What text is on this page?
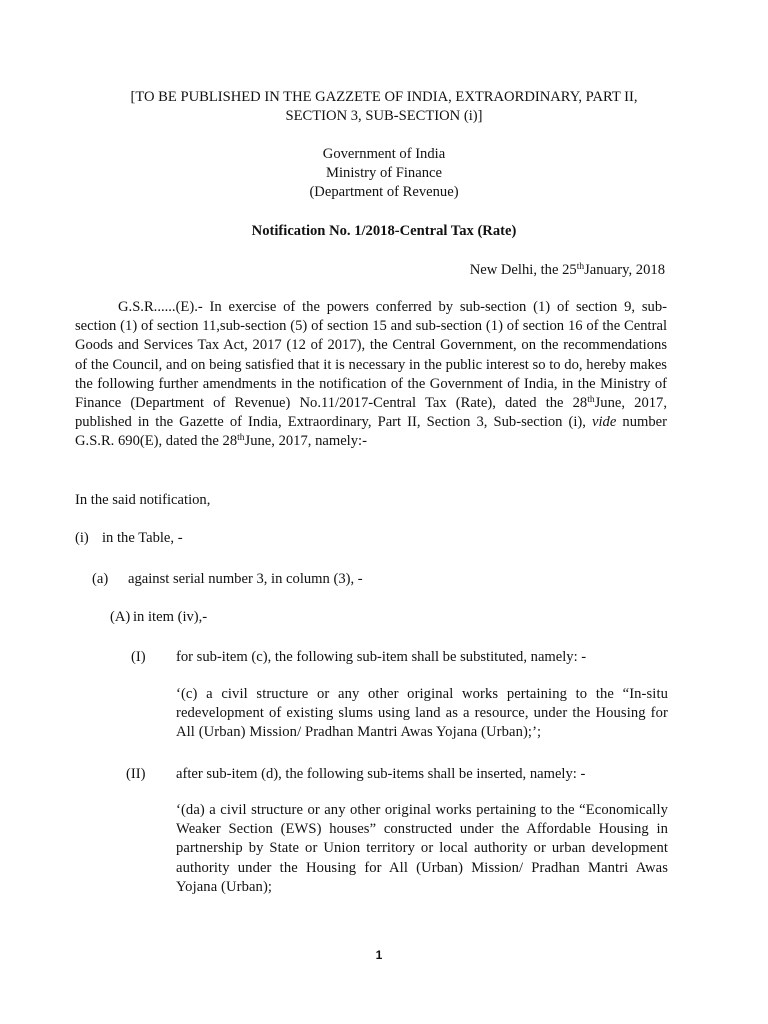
[TO BE PUBLISHED IN THE GAZZETE OF INDIA, EXTRAORDINARY, PART II,
SECTION 3, SUB-SECTION (i)]
Government of India
Ministry of Finance
(Department of Revenue)
Notification No. 1/2018-Central Tax (Rate)
New Delhi, the 25thJanuary, 2018
G.S.R......(E).- In exercise of the powers conferred by sub-section (1) of section 9, sub-section (1) of section 11,sub-section (5) of section 15 and sub-section (1) of section 16 of the Central Goods and Services Tax Act, 2017 (12 of 2017), the Central Government, on the recommendations of the Council, and on being satisfied that it is necessary in the public interest so to do, hereby makes the following further amendments in the notification of the Government of India, in the Ministry of Finance (Department of Revenue) No.11/2017-Central Tax (Rate), dated the 28thJune, 2017, published in the Gazette of India, Extraordinary, Part II, Section 3, Sub-section (i), vide number G.S.R. 690(E), dated the 28thJune, 2017, namely:-
In the said notification,
(i) in the Table, -
(a) against serial number 3, in column (3), -
(A) in item (iv),-
(I) for sub-item (c), the following sub-item shall be substituted, namely: -
‘(c) a civil structure or any other original works pertaining to the “In-situ redevelopment of existing slums using land as a resource, under the Housing for All (Urban) Mission/ Pradhan Mantri Awas Yojana (Urban);’;
(II) after sub-item (d), the following sub-items shall be inserted, namely: -
‘(da) a civil structure or any other original works pertaining to the “Economically Weaker Section (EWS) houses” constructed under the Affordable Housing in partnership by State or Union territory or local authority or urban development authority under the Housing for All (Urban) Mission/ Pradhan Mantri Awas Yojana (Urban);
1
